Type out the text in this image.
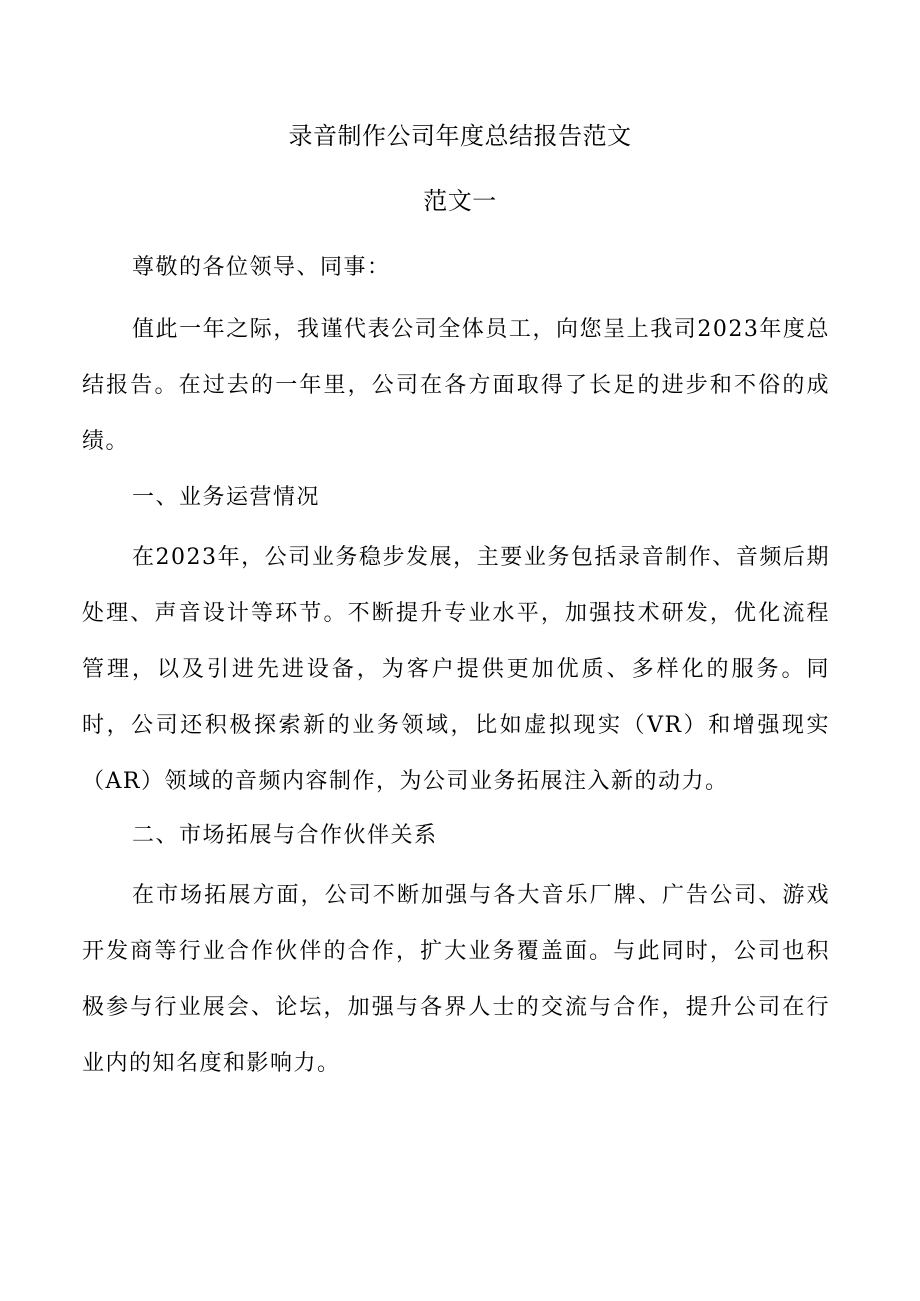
录音制作公司年度总结报告范文
范文一

尊敬的各位领导、同事：

值此一年之际，我谨代表公司全体员工，向您呈上我司2023年度总结报告。在过去的一年里，公司在各方面取得了长足的进步和不俗的成绩。

一、业务运营情况

在2023年，公司业务稳步发展，主要业务包括录音制作、音频后期处理、声音设计等环节。不断提升专业水平，加强技术研发，优化流程管理，以及引进先进设备，为客户提供更加优质、多样化的服务。同时，公司还积极探索新的业务领域，比如虚拟现实（VR）和增强现实（AR）领域的音频内容制作，为公司业务拓展注入新的动力。

二、市场拓展与合作伙伴关系

在市场拓展方面，公司不断加强与各大音乐厂牌、广告公司、游戏开发商等行业合作伙伴的合作，扩大业务覆盖面。与此同时，公司也积极参与行业展会、论坛，加强与各界人士的交流与合作，提升公司在行业内的知名度和影响力。
